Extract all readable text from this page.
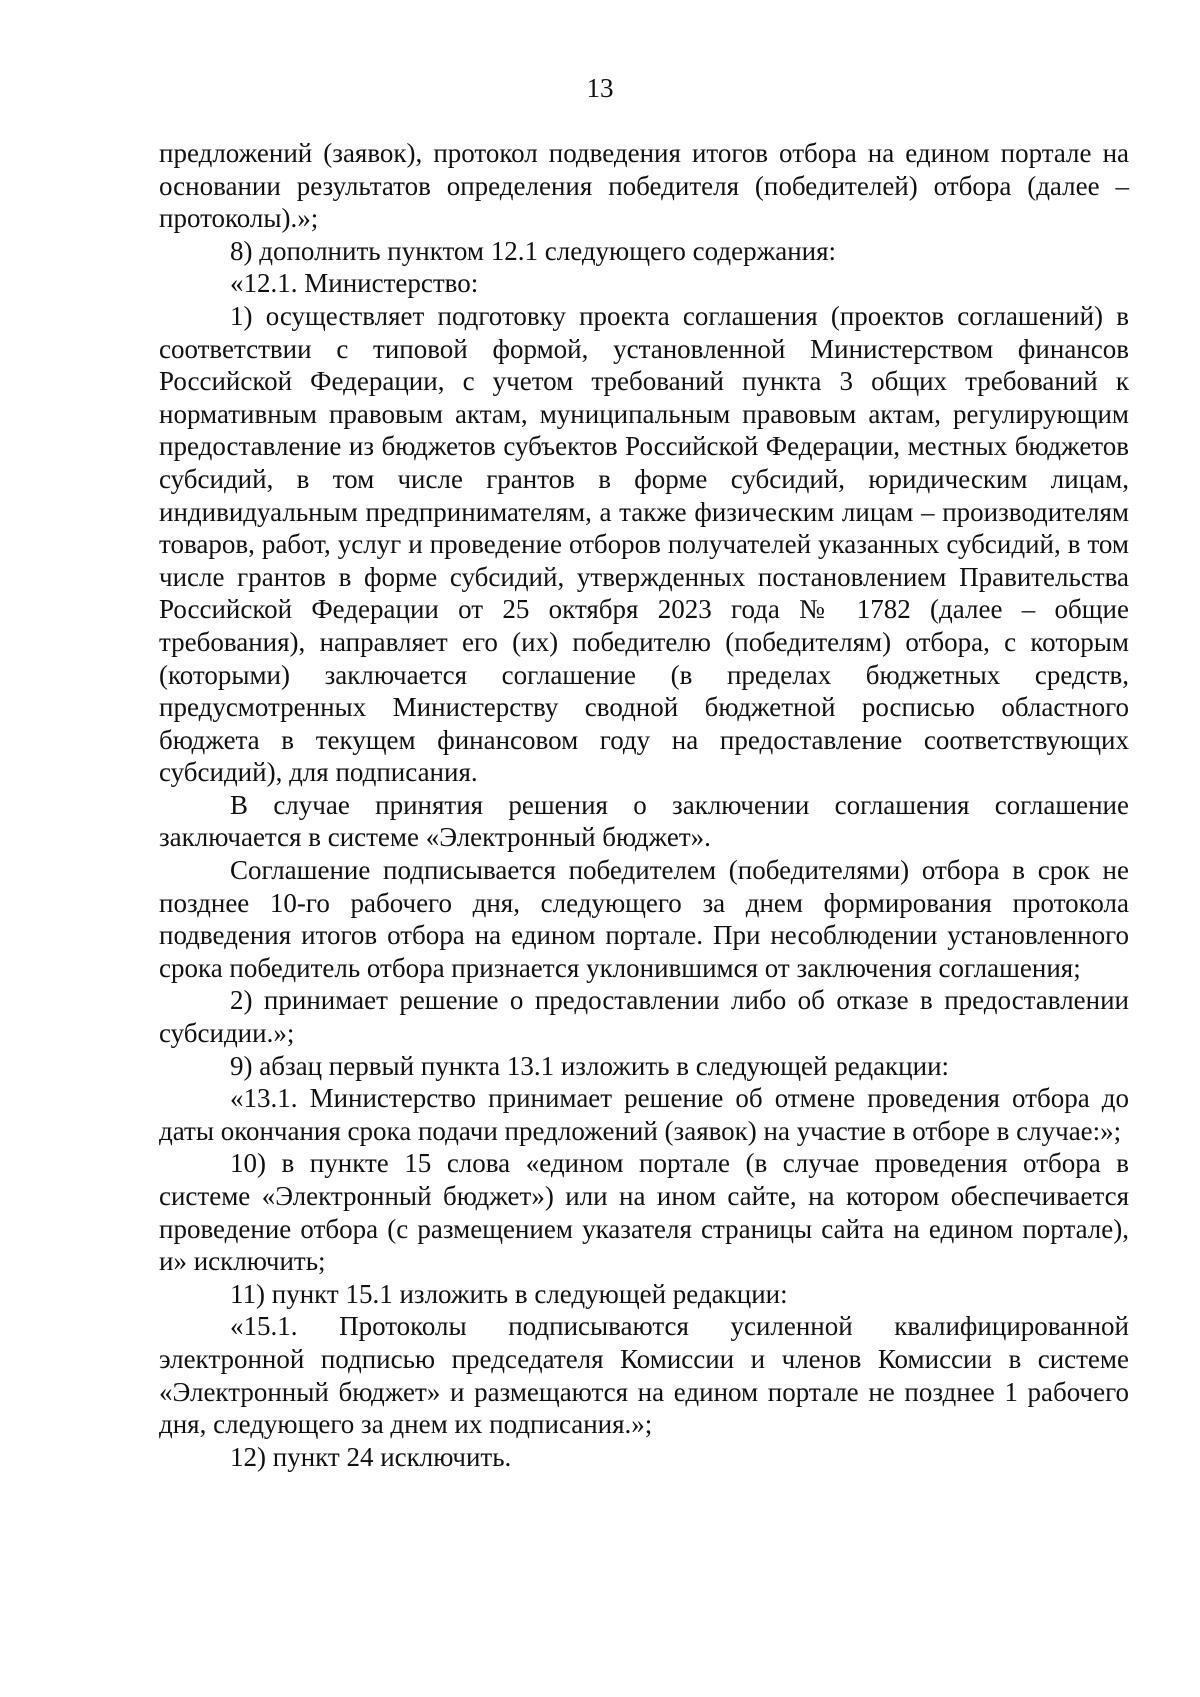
13

предложений (заявок), протокол подведения итогов отбора на едином портале на основании результатов определения победителя (победителей) отбора (далее – протоколы).»;

8) дополнить пунктом 12.1 следующего содержания:

«12.1. Министерство:

1) осуществляет подготовку проекта соглашения (проектов соглашений) в соответствии с типовой формой, установленной Министерством финансов Российской Федерации, с учетом требований пункта 3 общих требований к нормативным правовым актам, муниципальным правовым актам, регулирующим предоставление из бюджетов субъектов Российской Федерации, местных бюджетов субсидий, в том числе грантов в форме субсидий, юридическим лицам, индивидуальным предпринимателям, а также физическим лицам – производителям товаров, работ, услуг и проведение отборов получателей указанных субсидий, в том числе грантов в форме субсидий, утвержденных постановлением Правительства Российской Федерации от 25 октября 2023 года № 1782 (далее – общие требования), направляет его (их) победителю (победителям) отбора, с которым (которыми) заключается соглашение (в пределах бюджетных средств, предусмотренных Министерству сводной бюджетной росписью областного бюджета в текущем финансовом году на предоставление соответствующих субсидий), для подписания.

В случае принятия решения о заключении соглашения соглашение заключается в системе «Электронный бюджет».

Соглашение подписывается победителем (победителями) отбора в срок не позднее 10-го рабочего дня, следующего за днем формирования протокола подведения итогов отбора на едином портале. При несоблюдении установленного срока победитель отбора признается уклонившимся от заключения соглашения;

2) принимает решение о предоставлении либо об отказе в предоставлении субсидии.»;

9) абзац первый пункта 13.1 изложить в следующей редакции:

«13.1. Министерство принимает решение об отмене проведения отбора до даты окончания срока подачи предложений (заявок) на участие в отборе в случае:»;

10) в пункте 15 слова «едином портале (в случае проведения отбора в системе «Электронный бюджет») или на ином сайте, на котором обеспечивается проведение отбора (с размещением указателя страницы сайта на едином портале), и» исключить;

11) пункт 15.1 изложить в следующей редакции:

«15.1. Протоколы подписываются усиленной квалифицированной электронной подписью председателя Комиссии и членов Комиссии в системе «Электронный бюджет» и размещаются на едином портале не позднее 1 рабочего дня, следующего за днем их подписания.»;

12) пункт 24 исключить.
